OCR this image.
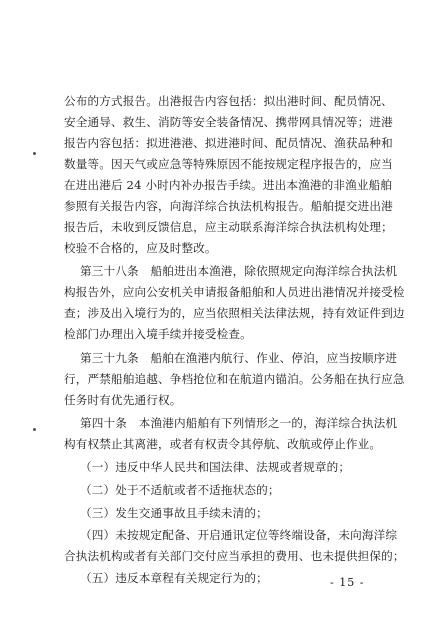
公布的方式报告。出港报告内容包括：拟出港时间、配员情况、
安全通导、救生、消防等安全装备情况、携带网具情况等；进港
报告内容包括：拟进港港、拟进港时间、配员情况、渔获品种和
数量等。因天气或应急等特殊原因不能按规定程序报告的，应当
在进出港后 24 小时内补办报告手续。进出本渔港的非渔业船舶
参照有关报告内容，向海洋综合执法机构报告。船舶提交进出港
报告后，未收到反馈信息，应主动联系海洋综合执法机构处理；
校验不合格的，应及时整改。
第三十八条　船舶进出本渔港，除依照规定向海洋综合执法机
构报告外，应向公安机关申请报备船舶和人员进出港情况并接受检
查；涉及出入境行为的，应当依照相关法律法规，持有效证件到边
检部门办理出入境手续并接受检查。
第三十九条　船舶在渔港内航行、作业、停泊，应当按顺序进
行，严禁船舶追越、争档抢位和在航道内锚泊。公务船在执行应急
任务时有优先通行权。
第四十条　本渔港内船舶有下列情形之一的，海洋综合执法机
构有权禁止其离港，或者有权责令其停航、改航或停止作业。
（一）违反中华人民共和国法律、法规或者规章的；
（二）处于不适航或者不适拖状态的；
（三）发生交通事故且手续未清的；
（四）未按规定配备、开启通讯定位等终端设备，未向海洋综
合执法机构或者有关部门交付应当承担的费用、也未提供担保的；
（五）违反本章程有关规定行为的；	- 15 -
